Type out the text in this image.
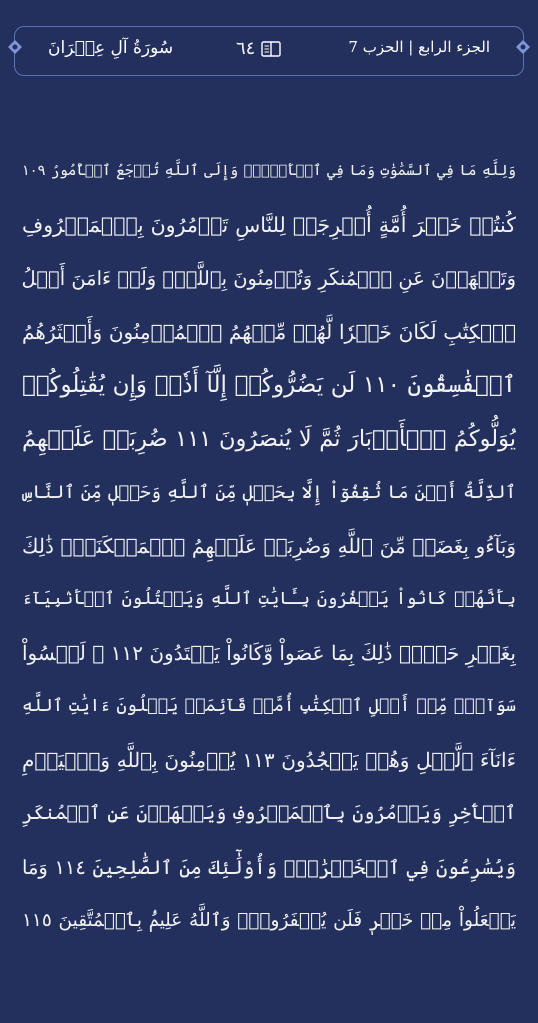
سُورَةُ آلِ عِمۡرَانَ	٦٤	الجزء الرابع | الحزب 7
وَلِلَّهِ مَا فِي ٱلسَّمَٰوَٰتِ وَمَا فِي ٱلۡأَرۡضِۚ وَإِلَى ٱللَّهِ تُرۡجَعُ ٱلۡأُمُورُ ١٠٩
كُنتُمۡ خَيۡرَ أُمَّةٍ أُخۡرِجَتۡ لِلنَّاسِ تَأۡمُرُونَ بِٱلۡمَعۡرُوفِ
وَتَنۡهَوۡنَ عَنِ ٱلۡمُنكَرِ وَتُؤۡمِنُونَ بِٱللَّهِۗ وَلَوۡ ءَامَنَ أَهۡلُ
ٱلۡكِتَٰبِ لَكَانَ خَيۡرٗا لَّهُمۚ مِّنۡهُمُ ٱلۡمُؤۡمِنُونَ وَأَكۡثَرُهُمُ
ٱلۡفَٰسِقُونَ ١١٠ لَن يَضُرُّوكُمۡ إِلَّآ أَذٗىۖ وَإِن يُقَٰتِلُوكُمۡ
يُوَلُّوكُمُ ٱلۡأَدۡبَارَ ثُمَّ لَا يُنصَرُونَ ١١١ ضُرِبَتۡ عَلَيۡهِمُ
ٱلذِّلَّةُ أَيۡنَ مَا ثُقِفُوٓاْ إِلَّا بِحَبۡلٖ مِّنَ ٱللَّهِ وَحَبۡلٖ مِّنَ ٱلنَّاسِ
وَبَآءُو بِغَضَبٖ مِّنَ ٱللَّهِ وَضُرِبَتۡ عَلَيۡهِمُ ٱلۡمَسۡكَنَةُۚ ذَٰلِكَ
بِأَنَّهُمۡ كَانُواْ يَكۡفُرُونَ بِـَٔايَٰتِ ٱللَّهِ وَيَقۡتُلُونَ ٱلۡأَنۢبِيَآءَ
بِغَيۡرِ حَقّٖۚ ذَٰلِكَ بِمَا عَصَواْ وَّكَانُواْ يَعۡتَدُونَ ١١٢ ۞ لَيۡسُواْ
سَوَآءٗۗ مِّنۡ أَهۡلِ ٱلۡكِتَٰبِ أُمَّةٞ قَآئِمَةٞ يَتۡلُونَ ءَايَٰتِ ٱللَّهِ
ءَانَآءَ ٱلَّيۡلِ وَهُمۡ يَسۡجُدُونَ ١١٣ يُؤۡمِنُونَ بِٱللَّهِ وَٱلۡيَوۡمِ
ٱلۡأٓخِرِ وَيَأۡمُرُونَ بِٱلۡمَعۡرُوفِ وَيَنۡهَوۡنَ عَنِ ٱلۡمُنكَرِ
وَيُسَٰرِعُونَ فِي ٱلۡخَيۡرَٰتِۖ وَأُوْلَٰٓئِكَ مِنَ ٱلصَّٰلِحِينَ ١١٤ وَمَا
يَفۡعَلُواْ مِنۡ خَيۡرٖ فَلَن يُكۡفَرُوهُۗ وَٱللَّهُ عَلِيمُۢ بِٱلۡمُتَّقِينَ ١١٥
